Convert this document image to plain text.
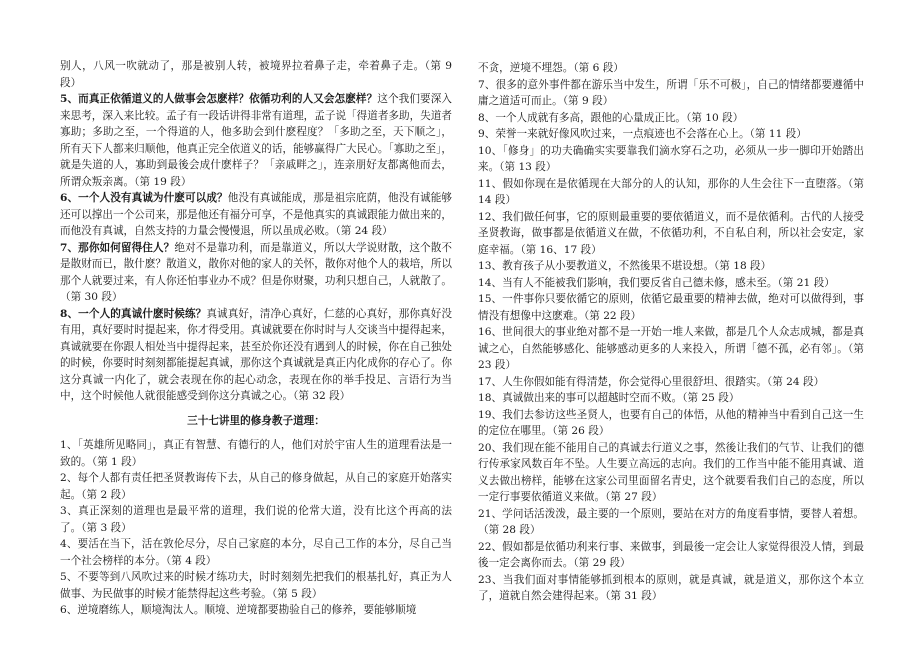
别人，八风一吹就动了，那是被别人转，被境界拉着鼻子走，牵着鼻子走。（第 9 段）

5、而真正依循道义的人做事会怎麽样？依循功利的人又会怎麽样？这个我们要深入来思考，深入来比较。孟子有一段话讲得非常有道理，孟子说「得道者多助，失道者寡助；多助之至，一个得道的人，他多助会到什麽程度？「多助之至，天下顺之」，所有天下人都来归顺他，他真正完全依道义的话，能够赢得广大民心。「寡助之至」，就是失道的人，寡助到最後会成什麽样子？「亲戚畔之」，连亲朋好友都离他而去，所谓众叛亲离。（第 19 段）

6、一个人没有真诚为什麽可以成？他没有真诚能成，那是祖宗庇荫，他没有诚能够还可以撑出一个公司来，那是他还有福分可享，不是他真实的真诚跟能力做出来的，而他没有真诚，自然支持的力量会慢慢退，所以虽成必败。（第 24 段）

7、那你如何留得住人？绝对不是靠功利，而是靠道义，所以大学说财散，这个散不是散财而已，散什麽？散道义，散你对他的家人的关怀，散你对他个人的栽培，所以那个人就要过来，有人你还怕事业办不成？但是你财聚，功利只想自己，人就散了。（第 30 段）

8、一个人的真诚什麽时候练？真诚真好，清净心真好，仁慈的心真好，那你真好没有用，真好要时时提起来，你才得受用。真诚就要在你时时与人交谈当中提得起来，真诚就要在你跟人相处当中提得起来，甚至於你还没有遇到人的时候，你在自己独处的时候，你要时时刻刻都能提起真诚，那你这个真诚就是真正内化成你的存心了。你这分真诚一内化了，就会表现在你的起心动念，表现在你的举手投足、言语行为当中，这个时候他人就很能感受到你这分真诚之心。（第 32 段）

三十七讲里的修身教子道理：

1、「英雄所见略同」，真正有智慧、有德行的人，他们对於宇宙人生的道理看法是一致的。（第 1 段）

2、每个人都有责任把圣贤教诲传下去，从自己的修身做起，从自己的家庭开始落实起。（第 2 段）

3、真正深刻的道理也是最平常的道理，我们说的伦常大道，没有比这个再高的法了。（第 3 段）

4、要活在当下，活在敦伦尽分，尽自己家庭的本分，尽自己工作的本分，尽自己当一个社会榜样的本分。（第 4 段）

5、不要等到八风吹过来的时候才练功夫，时时刻刻先把我们的根基扎好，真正为人做事、为民做事的时候才能禁得起这些考验。（第 5 段）

6、逆境磨练人，顺境淘汰人。顺境、逆境都要勘验自己的修养，要能够顺境

不贪，逆境不埋怨。（第 6 段）

7、很多的意外事件都在游乐当中发生，所谓「乐不可极」，自己的情绪都要遵循中庸之道适可而止。（第 9 段）

8、一个人成就有多高，跟他的心量成正比。（第 10 段）

9、荣誉一来就好像风吹过来，一点痕迹也不会落在心上。（第 11 段）

10、「修身」的功夫确确实实要靠我们滴水穿石之功，必须从一步一脚印开始踏出来。（第 13 段）

11、假如你现在是依循现在大部分的人的认知，那你的人生会往下一直堕落。（第 14 段）

12、我们做任何事，它的原则最重要的要依循道义，而不是依循利。古代的人接受圣贤教诲，做事都是依循道义在做，不依循功利，不自私自利，所以社会安定，家庭幸福。（第 16、17 段）

13、教育孩子从小要教道义，不然後果不堪设想。（第 18 段）

14、当有人不能被我们影响，我们要反省自己德未修，感未至。（第 21 段）

15、一件事你只要依循它的原则，依循它最重要的精神去做，绝对可以做得到，事情没有想像中这麽难。（第 22 段）

16、世间很大的事业绝对都不是一开始一堆人来做，都是几个人众志成城，都是真诚之心，自然能够感化、能够感动更多的人来投入，所谓「德不孤，必有邻」。（第 23 段）

17、人生你假如能有得清楚，你会觉得心里很舒坦、很踏实。（第 24 段）

18、真诚做出来的事可以超越时空而不败。（第 25 段）

19、我们去参访这些圣贤人，也要有自己的体悟，从他的精神当中看到自己这一生的定位在哪里。（第 26 段）

20、我们现在能不能用自己的真诚去行道义之事，然後让我们的气节、让我们的德行传承家风数百年不坠。人生要立高远的志向。我们的工作当中能不能用真诚、道义去做出榜样，能够在这家公司里面留名青史，这个就要看我们自己的态度，所以一定行事要依循道义来做。（第 27 段）

21、学问话活泼泼，最主要的一个原则，要站在对方的角度看事情，要替人着想。（第 28 段）

22、假如都是依循功利来行事、来做事，到最後一定会让人家觉得很没人情，到最後一定会离你而去。（第 29 段）

23、当我们面对事情能够抓到根本的原则，就是真诚，就是道义，那你这个本立了，道就自然会建得起来。（第 31 段）
